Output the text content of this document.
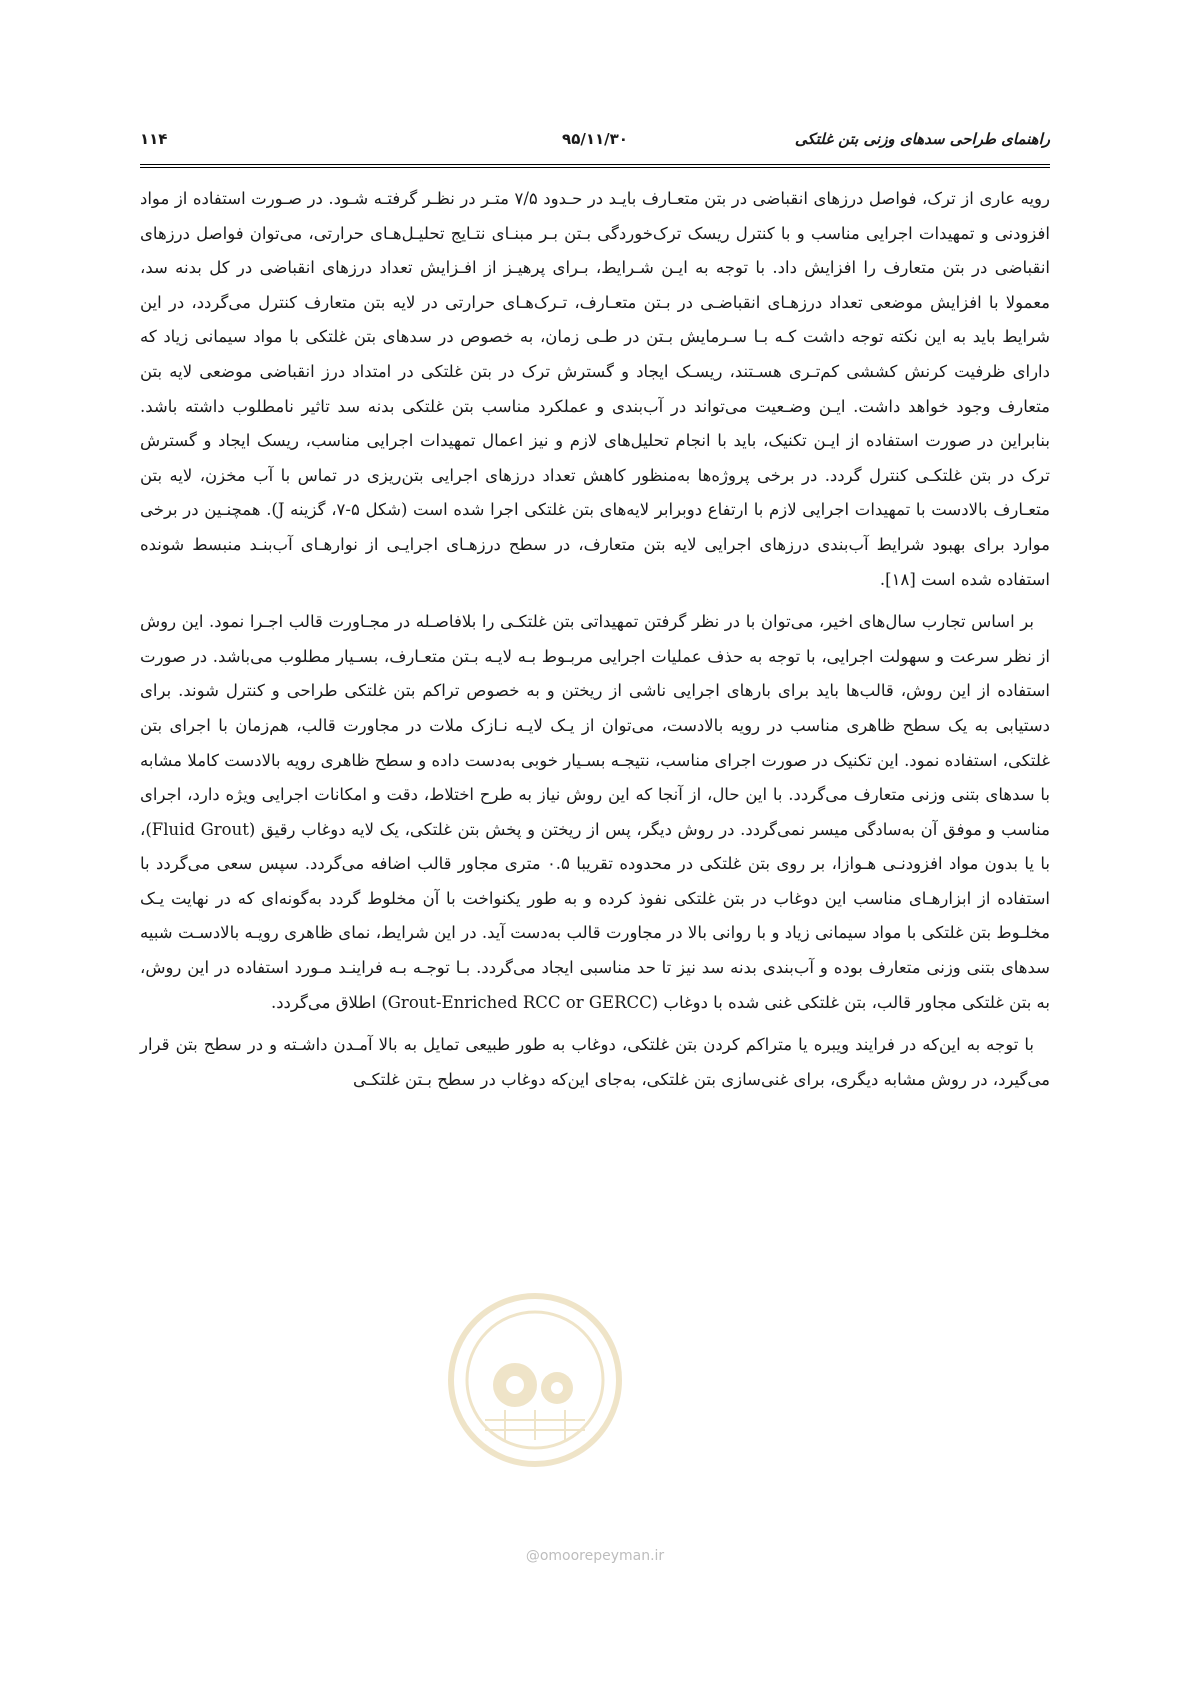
راهنمای طراحی سدهای وزنی بتن غلتکی
۹۵/۱۱/۳۰
۱۱۴

رویه عاری از ترک، فواصل درزهای انقباضی در بتن متعـارف بایـد در حـدود ۷/۵ متـر در نظـر گرفتـه شـود. در صـورت استفاده از مواد افزودنی و تمهیدات اجرایی مناسب و با کنترل ریسک ترک‌خوردگی بـتن بـر مبنـای نتـایج تحلیـل‌هـای حرارتی، می‌توان فواصل درزهای انقباضی در بتن متعارف را افزایش داد. با توجه به ایـن شـرایط، بـرای پرهیـز از افـزایش تعداد درزهای انقباضی در کل بدنه سد، معمولا با افزایش موضعی تعداد درزهـای انقباضـی در بـتن متعـارف، تـرک‌هـای حرارتی در لایه بتن متعارف کنترل می‌گردد، در این شرایط باید به این نکته توجه داشت کـه بـا سـرمایش بـتن در طـی زمان، به خصوص در سدهای بتن غلتکی با مواد سیمانی زیاد که دارای ظرفیت کرنش کششی کم‌تـری هسـتند، ریسـک ایجاد و گسترش ترک در بتن غلتکی در امتداد درز انقباضی موضعی لایه بتن متعارف وجود خواهد داشت. ایـن وضـعیت می‌تواند در آب‌بندی و عملکرد مناسب بتن غلتکی بدنه سد تاثیر نامطلوب داشته باشد. بنابراین در صورت استفاده از ایـن تکنیک، باید با انجام تحلیل‌های لازم و نیز اعمال تمهیدات اجرایی مناسب، ریسک ایجاد و گسترش ترک در بتن غلتکـی کنترل گردد. در برخی پروژه‌ها به‌منظور کاهش تعداد درزهای اجرایی بتن‌ریزی در تماس با آب مخزن، لایه بتن متعـارف بالادست با تمهیدات اجرایی لازم با ارتفاع دوبرابر لایه‌های بتن غلتکی اجرا شده است (شکل ۵-۷، گزینه J). همچنـین در برخی موارد برای بهبود شرایط آب‌بندی درزهای اجرایی لایه بتن متعارف، در سطح درزهـای اجرایـی از نوارهـای آب‌بنـد منبسط شونده استفاده شده است [۱۸].

بر اساس تجارب سال‌های اخیر، می‌توان با در نظر گرفتن تمهیداتی بتن غلتکـی را بلافاصـله در مجـاورت قالب اجـرا نمود. این روش از نظر سرعت و سهولت اجرایی، با توجه به حذف عملیات اجرایی مربـوط بـه لایـه بـتن متعـارف، بسـیار مطلوب می‌باشد. در صورت استفاده از این روش، قالب‌ها باید برای بارهای اجرایی ناشی از ریختن و به خصوص تراکم بتن غلتکی طراحی و کنترل شوند. برای دستیابی به یک سطح ظاهری مناسب در رویه بالادست، می‌توان از یـک لایـه نـازک ملات در مجاورت قالب، هم‌زمان با اجرای بتن غلتکی، استفاده نمود. این تکنیک در صورت اجرای مناسب، نتیجـه بسـیار خوبی به‌دست داده و سطح ظاهری رویه بالادست کاملا مشابه با سدهای بتنی وزنی متعارف می‌گردد. با این حال، از آنجا که این روش نیاز به طرح اختلاط، دقت و امکانات اجرایی ویژه دارد، اجرای مناسب و موفق آن به‌سادگی میسر نمی‌گردد. در روش دیگر، پس از ریختن و پخش بتن غلتکی، یک لایه دوغاب رقیق (Fluid Grout)، با یا بدون مواد افزودنـی هـوازا، بر روی بتن غلتکی در محدوده تقریبا ۰.۵ متری مجاور قالب اضافه می‌گردد. سپس سعی می‌گردد با استفاده از ابزارهـای مناسب این دوغاب در بتن غلتکی نفوذ کرده و به طور یکنواخت با آن مخلوط گردد به‌گونه‌ای که در نهایت یـک مخلـوط بتن غلتکی با مواد سیمانی زیاد و با روانی بالا در مجاورت قالب به‌دست آید. در این شرایط، نمای ظاهری رویـه بالادسـت شبیه سدهای بتنی وزنی متعارف بوده و آب‌بندی بدنه سد نیز تا حد مناسبی ایجاد می‌گردد. بـا توجـه بـه فراینـد مـورد استفاده در این روش، به بتن غلتکی مجاور قالب، بتن غلتکی غنی شده با دوغاب (Grout-Enriched RCC or GERCC) اطلاق می‌گردد.

با توجه به این‌که در فرایند ویبره یا متراکم کردن بتن غلتکی، دوغاب به طور طبیعی تمایل به بالا آمـدن داشـته و در سطح بتن قرار می‌گیرد، در روش مشابه دیگری، برای غنی‌سازی بتن غلتکی، به‌جای این‌که دوغاب در سطح بـتن غلتکـی

@omoorepeyman.ir
